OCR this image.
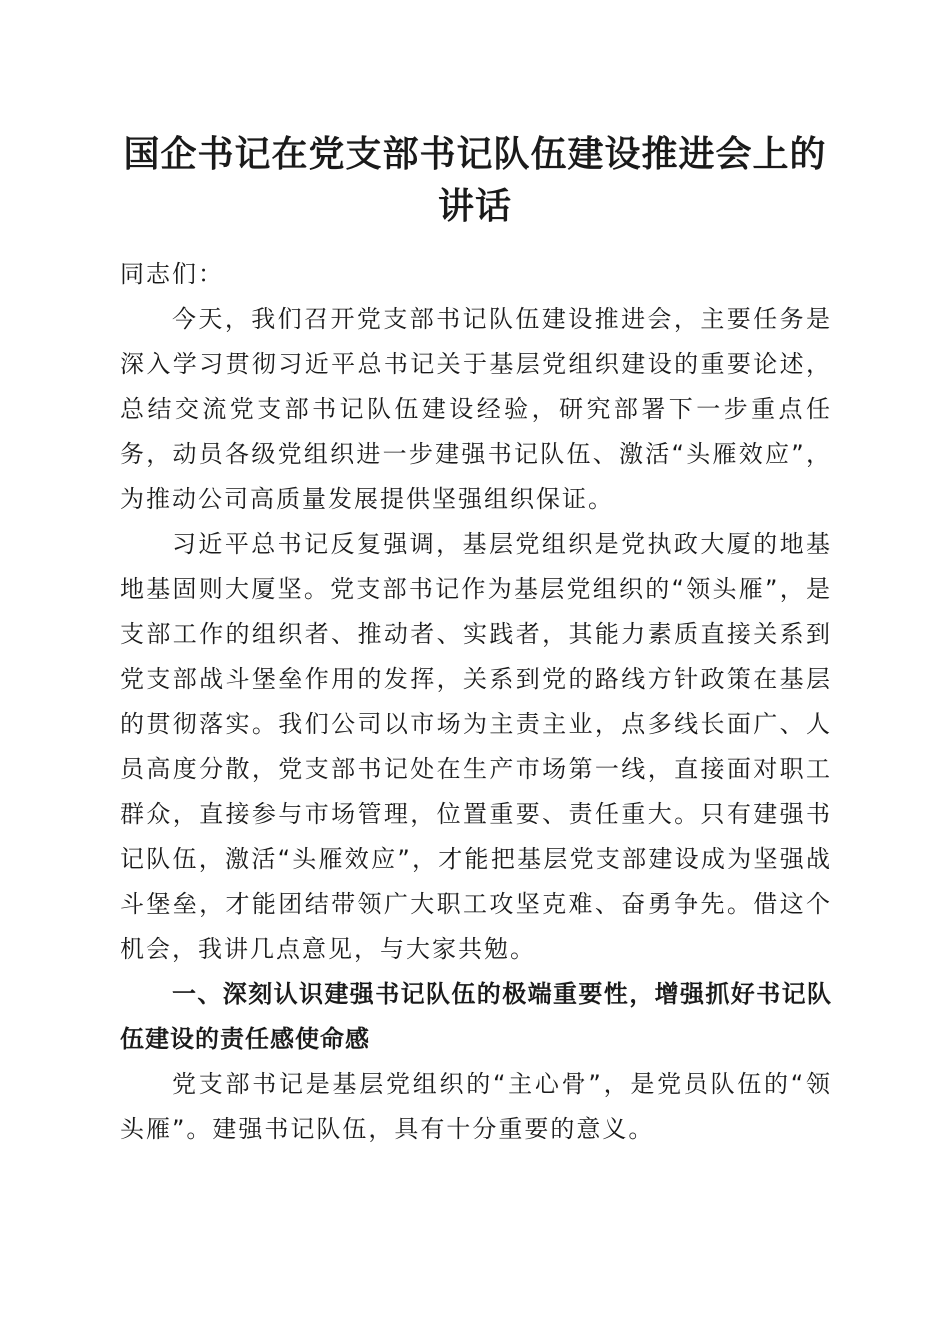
国企书记在党支部书记队伍建设推进会上的讲话

同志们：

今天，我们召开党支部书记队伍建设推进会，主要任务是深入学习贯彻习近平总书记关于基层党组织建设的重要论述，总结交流党支部书记队伍建设经验，研究部署下一步重点任务，动员各级党组织进一步建强书记队伍、激活“头雁效应”，为推动公司高质量发展提供坚强组织保证。

习近平总书记反复强调，基层党组织是党执政大厦的地基地基固则大厦坚。党支部书记作为基层党组织的“领头雁”，是支部工作的组织者、推动者、实践者，其能力素质直接关系到党支部战斗堡垒作用的发挥，关系到党的路线方针政策在基层的贯彻落实。我们公司以市场为主责主业，点多线长面广、人员高度分散，党支部书记处在生产市场第一线，直接面对职工群众，直接参与市场管理，位置重要、责任重大。只有建强书记队伍，激活“头雁效应”，才能把基层党支部建设成为坚强战斗堡垒，才能团结带领广大职工攻坚克难、奋勇争先。借这个机会，我讲几点意见，与大家共勉。

一、深刻认识建强书记队伍的极端重要性，增强抓好书记队伍建设的责任感使命感

党支部书记是基层党组织的“主心骨”，是党员队伍的“领头雁”。建强书记队伍，具有十分重要的意义。
